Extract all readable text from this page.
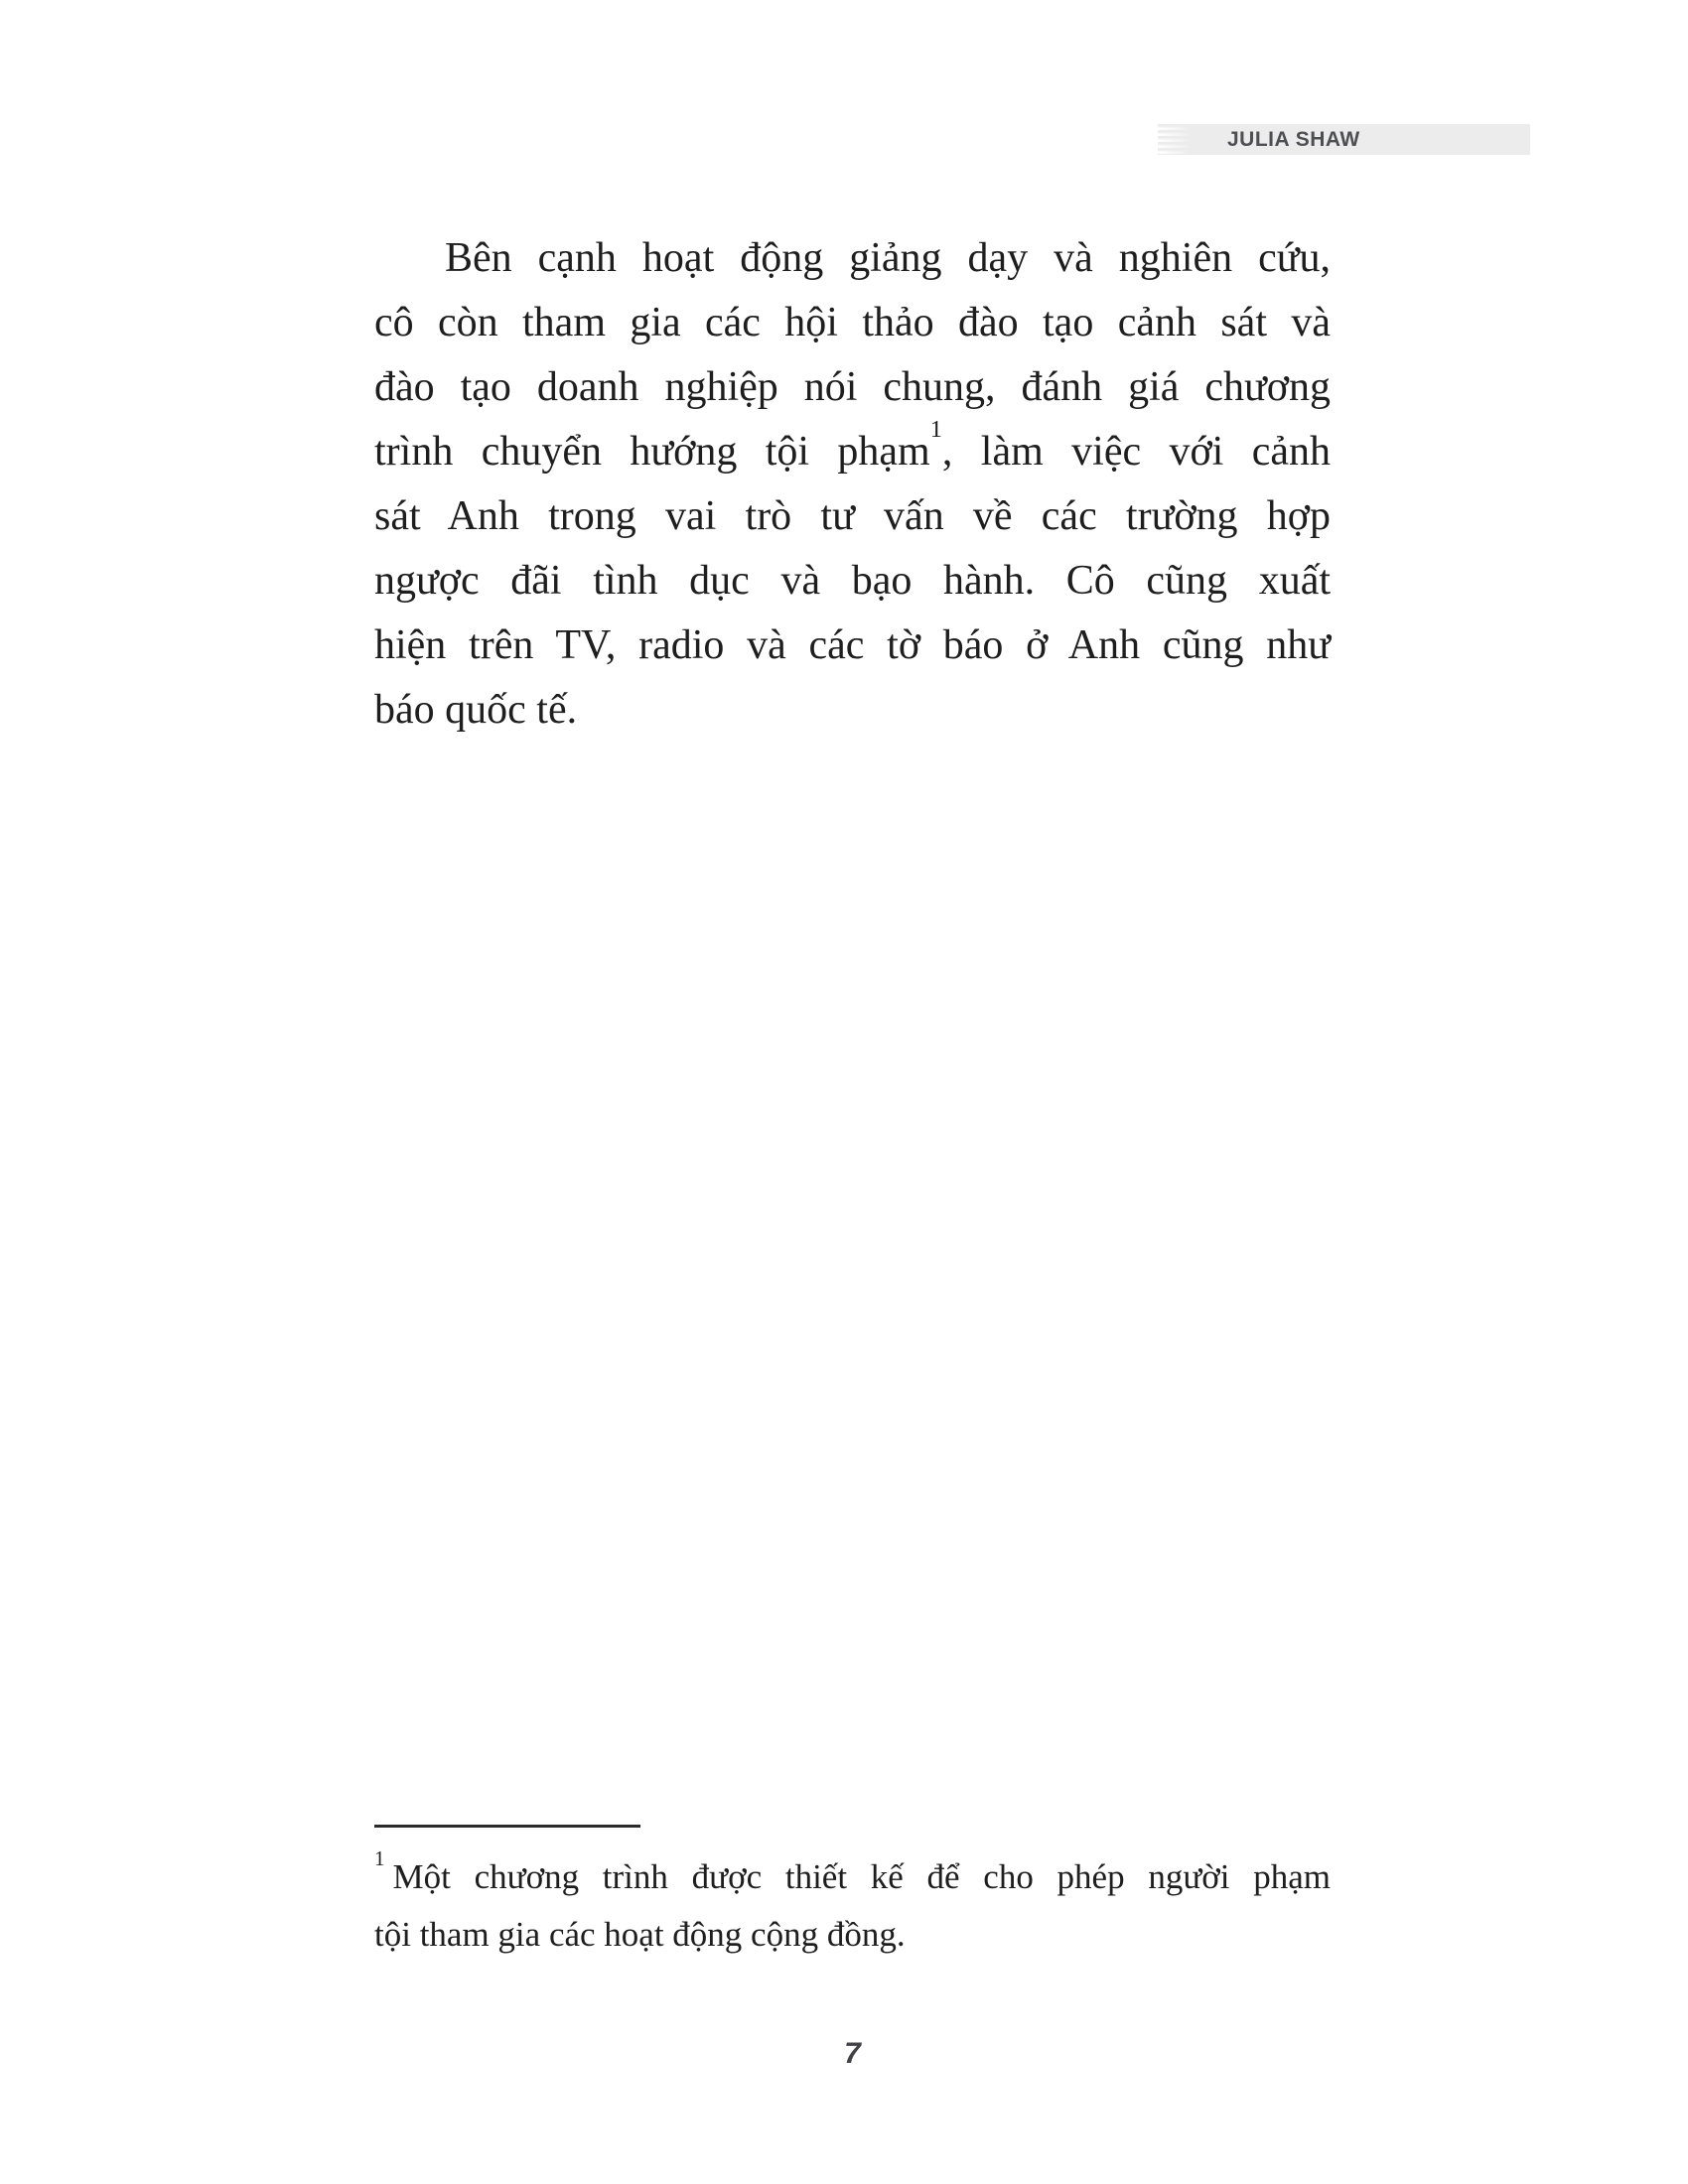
JULIA SHAW
Bên cạnh hoạt động giảng dạy và nghiên cứu,
cô còn tham gia các hội thảo đào tạo cảnh sát và
đào tạo doanh nghiệp nói chung, đánh giá chương
trình chuyển hướng tội phạm$^1$, làm việc với cảnh
sát Anh trong vai trò tư vấn về các trường hợp
ngược đãi tình dục và bạo hành. Cô cũng xuất
hiện trên TV, radio và các tờ báo ở Anh cũng như
báo quốc tế.
$^1$ Một chương trình được thiết kế để cho phép người phạm
tội tham gia các hoạt động cộng đồng.
7
